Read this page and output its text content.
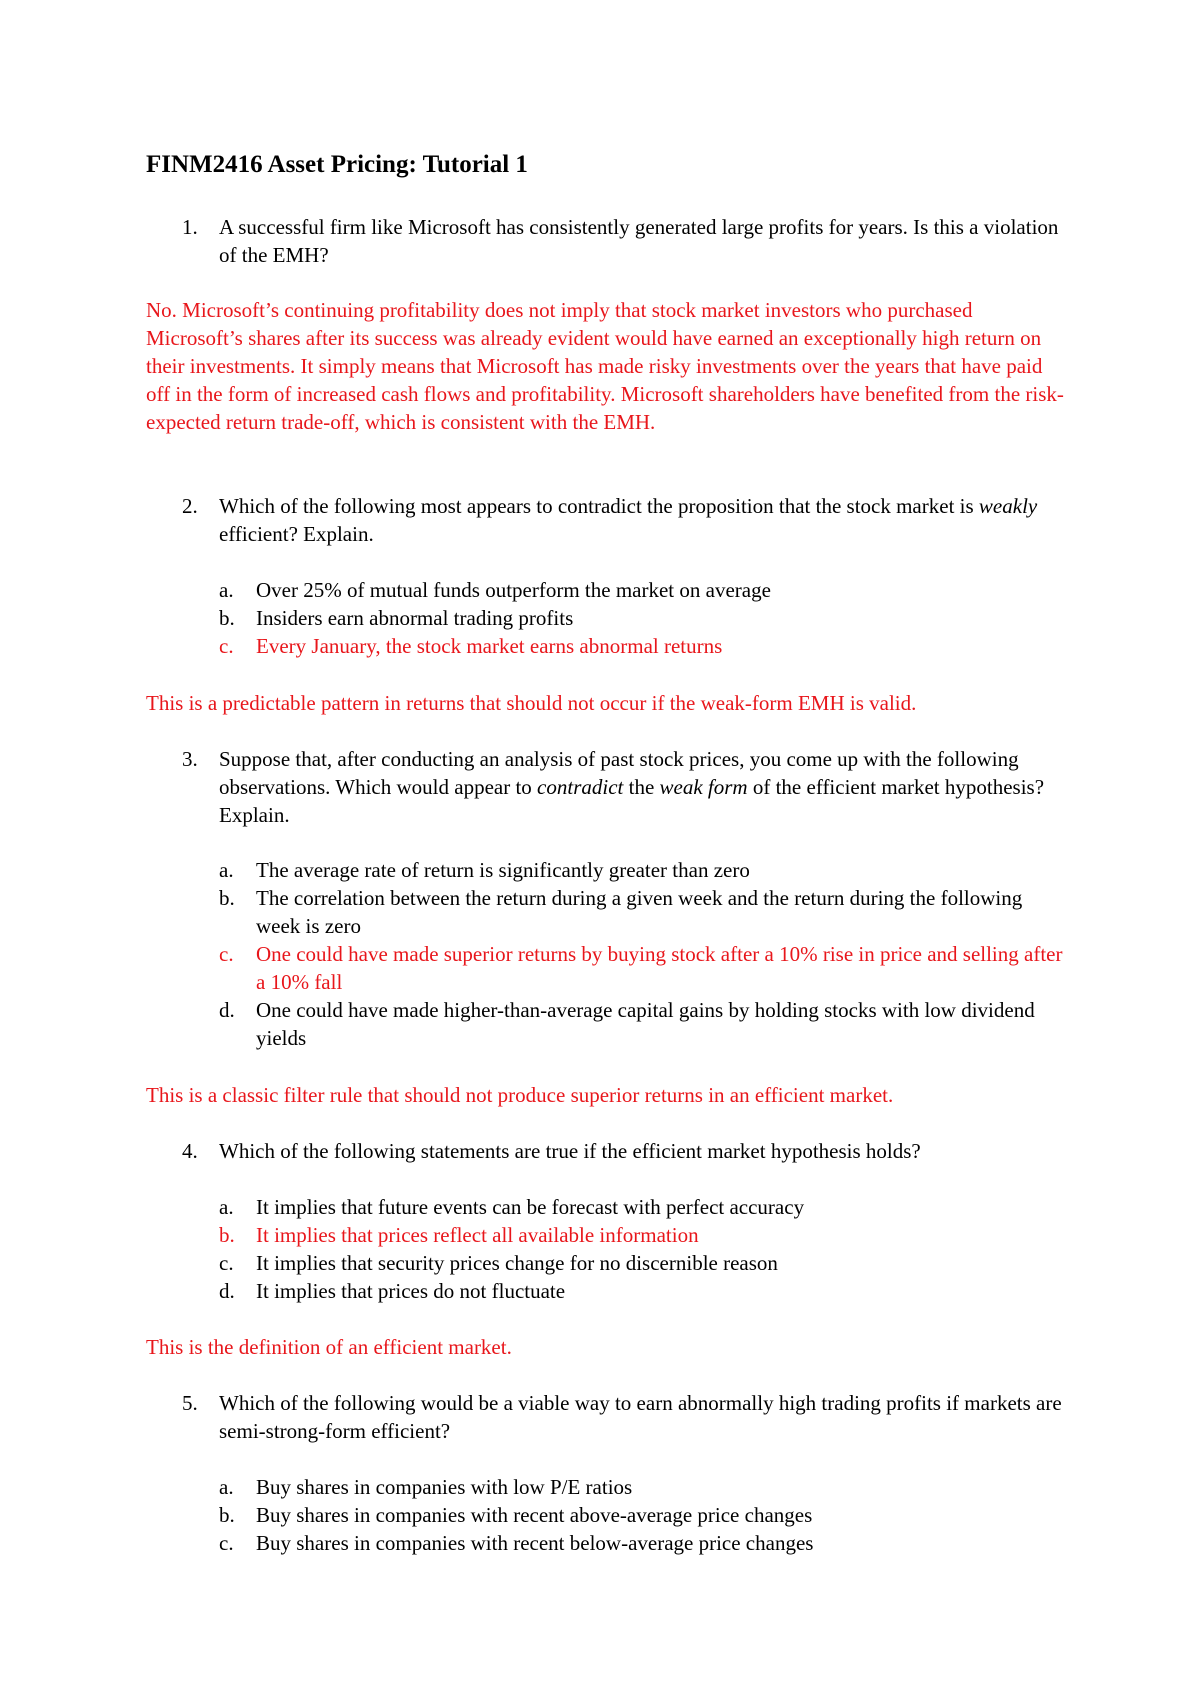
FINM2416 Asset Pricing: Tutorial 1
1. A successful firm like Microsoft has consistently generated large profits for years. Is this a violation of the EMH?

No. Microsoft’s continuing profitability does not imply that stock market investors who purchased Microsoft’s shares after its success was already evident would have earned an exceptionally high return on their investments. It simply means that Microsoft has made risky investments over the years that have paid off in the form of increased cash flows and profitability. Microsoft shareholders have benefited from the risk-expected return trade-off, which is consistent with the EMH.

2. Which of the following most appears to contradict the proposition that the stock market is weakly efficient? Explain.
a. Over 25% of mutual funds outperform the market on average
b. Insiders earn abnormal trading profits
c. Every January, the stock market earns abnormal returns

This is a predictable pattern in returns that should not occur if the weak-form EMH is valid.

3. Suppose that, after conducting an analysis of past stock prices, you come up with the following observations. Which would appear to contradict the weak form of the efficient market hypothesis? Explain.
a. The average rate of return is significantly greater than zero
b. The correlation between the return during a given week and the return during the following week is zero
c. One could have made superior returns by buying stock after a 10% rise in price and selling after a 10% fall
d. One could have made higher-than-average capital gains by holding stocks with low dividend yields

This is a classic filter rule that should not produce superior returns in an efficient market.

4. Which of the following statements are true if the efficient market hypothesis holds?
a. It implies that future events can be forecast with perfect accuracy
b. It implies that prices reflect all available information
c. It implies that security prices change for no discernible reason
d. It implies that prices do not fluctuate

This is the definition of an efficient market.

5. Which of the following would be a viable way to earn abnormally high trading profits if markets are semi-strong-form efficient?
a. Buy shares in companies with low P/E ratios
b. Buy shares in companies with recent above-average price changes
c. Buy shares in companies with recent below-average price changes
